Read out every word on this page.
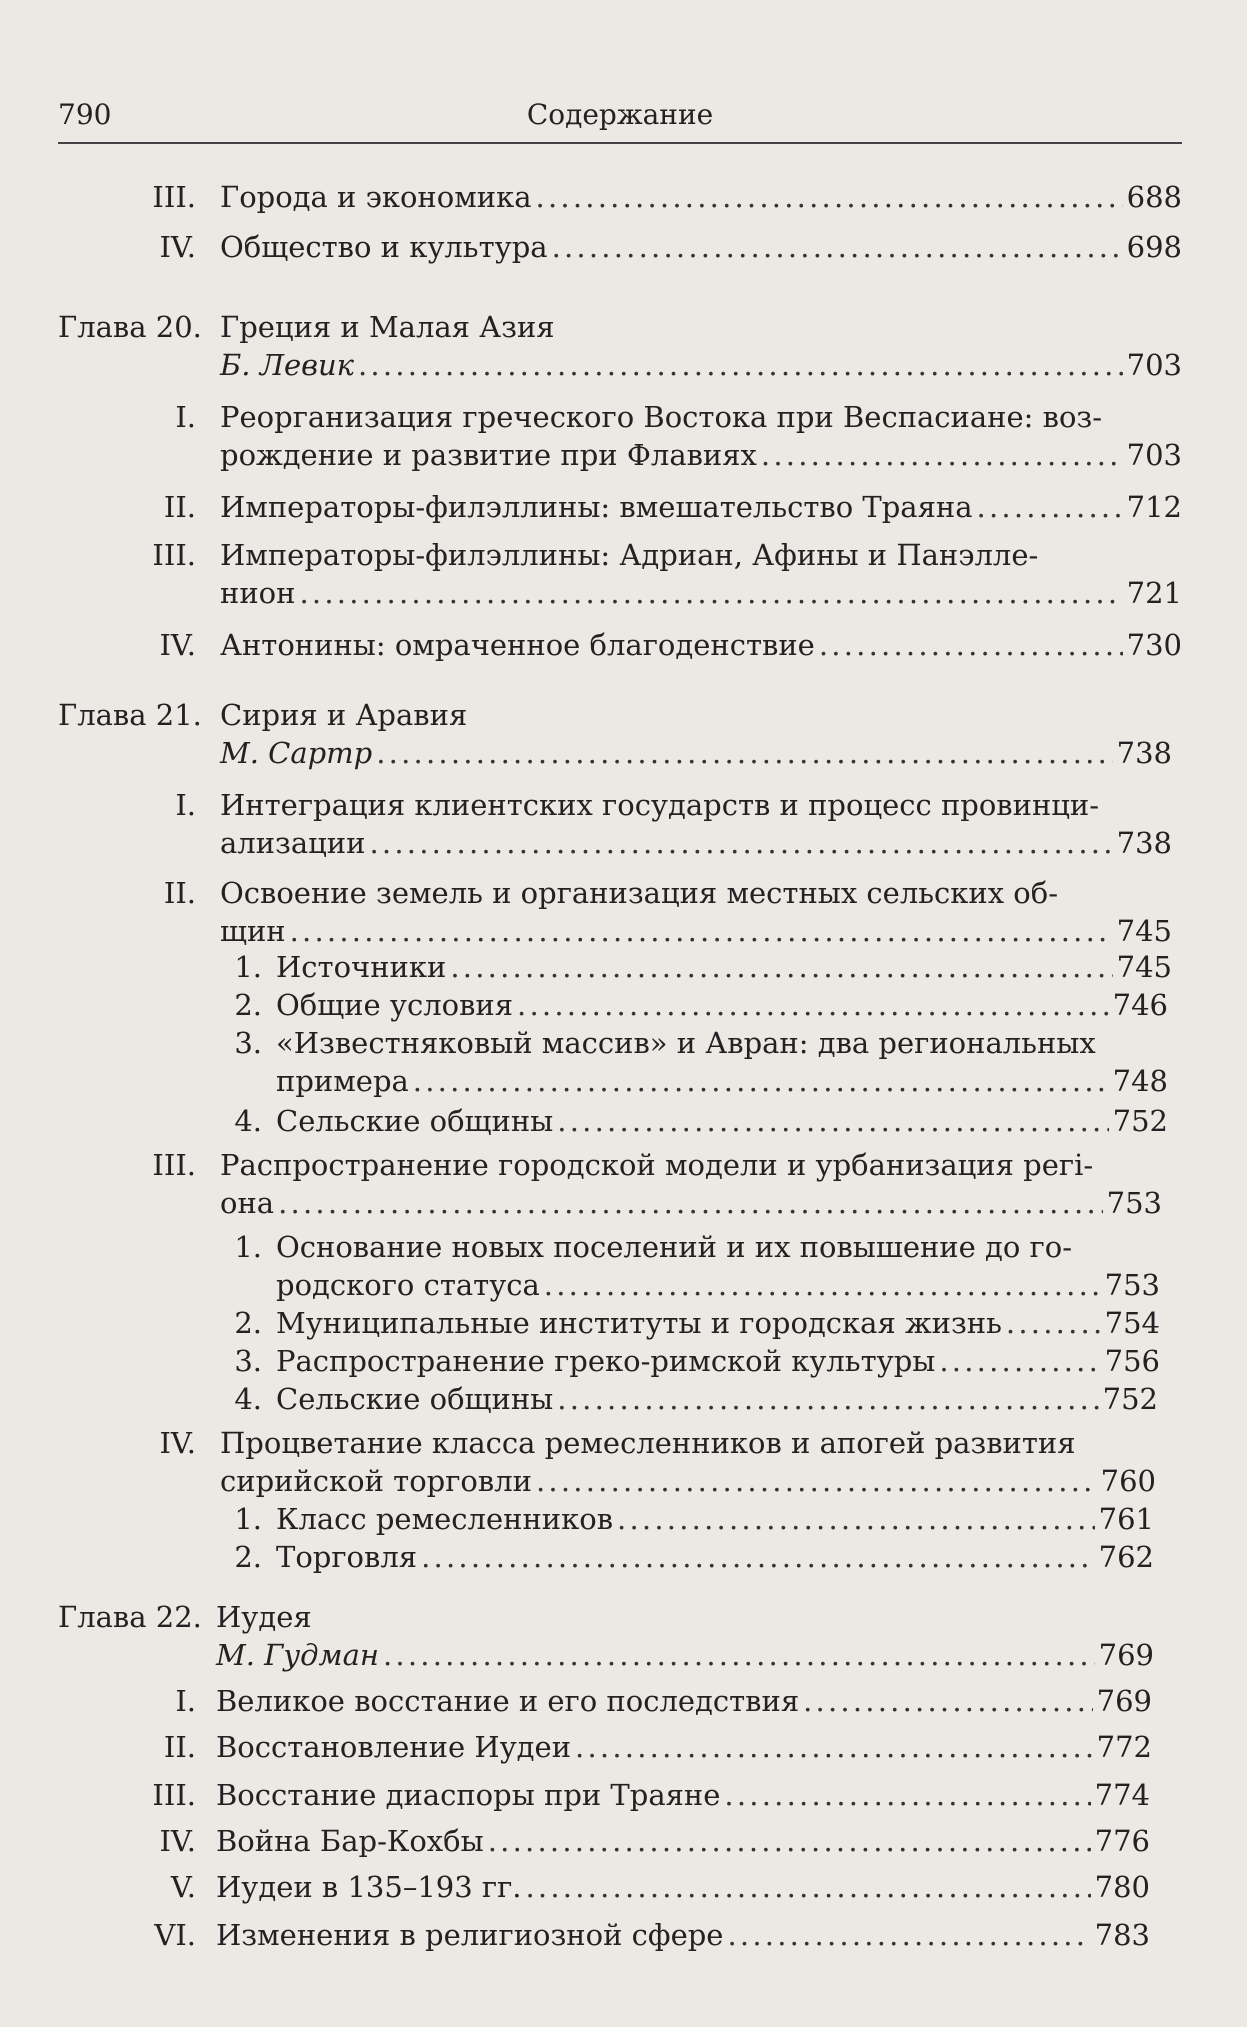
790	Содержание
III. Города и экономика . . .	688
IV. Общество и культура . . .	698
Глава 20. Греция и Малая Азия
Б. Левик . . .	703
I. Реорганизация греческого Востока при Веспасиане: воз-
рождение и развитие при Флавиях . . .	703
II. Императоры-филэллины: вмешательство Траяна . . .	712
III. Императоры-филэллины: Адриан, Афины и Панэлле-
нион . . .	721
IV. Антонины: омраченное благоденствие . . .	730
Глава 21. Сирия и Аравия
М. Сартр . . .	738
I. Интеграция клиентских государств и процесс провинци-
ализации . . .	738
II. Освоение земель и организация местных сельских об-
щин . . .	745
1. Источники . . .	745
2. Общие условия . . .	746
3. «Известняковый массив» и Авран: два региональных
примера . . .	748
4. Сельские общины . . .	752
III. Распространение городской модели и урбанизация регі-
она . . .	753
1. Основание новых поселений и их повышение до го-
родского статуса . . .	753
2. Муниципальные институты и городская жизнь . . .	754
3. Распространение греко-римской культуры . . .	756
4. Сельские общины . . .	752
IV. Процветание класса ремесленников и апогей развития
сирийской торговли . . .	760
1. Класс ремесленников . . .	761
2. Торговля . . .	762
Глава 22. Иудея
М. Гудман . . .	769
I. Великое восстание и его последствия . . .	769
II. Восстановление Иудеи . . .	772
III. Восстание диаспоры при Траяне . . .	774
IV. Война Бар-Кохбы . . .	776
V. Иудеи в 135–193 гг. . . .	780
VI. Изменения в религиозной сфере . . .	783
